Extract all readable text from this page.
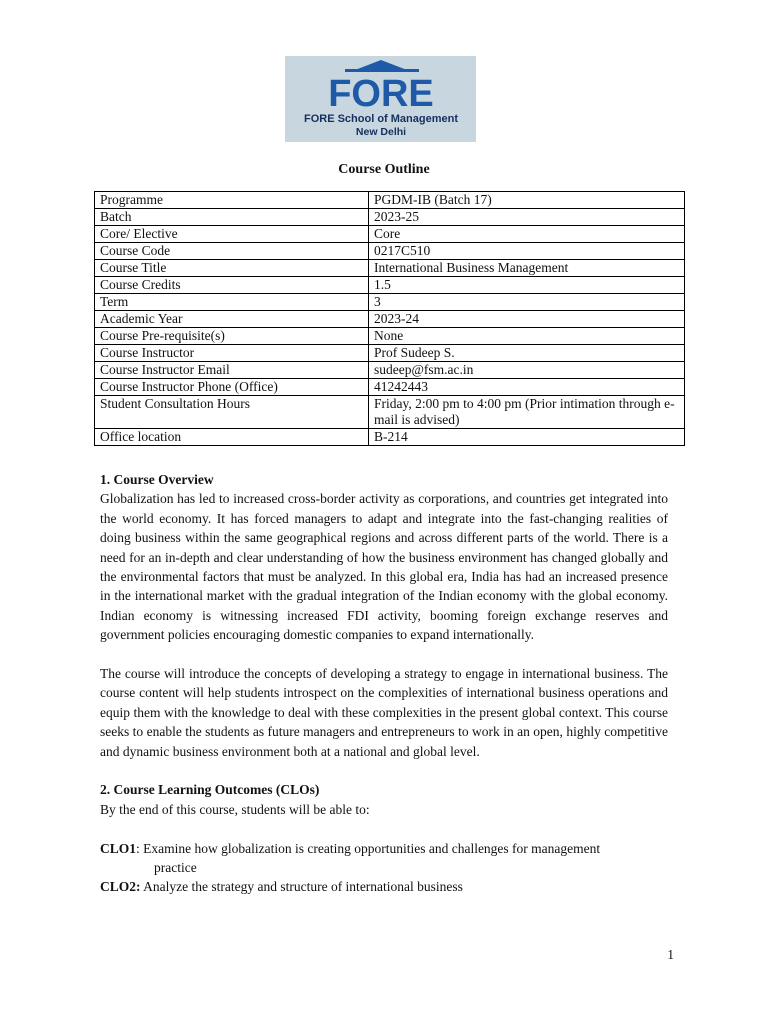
FORE
FORE School of Management
New Delhi
Course Outline
Programme	PGDM-IB (Batch 17)
Batch	2023-25
Core/ Elective	Core
Course Code	0217C510
Course Title	International Business Management
Course Credits	1.5
Term	3
Academic Year	2023-24
Course Pre-requisite(s)	None
Course Instructor	Prof Sudeep S.
Course Instructor Email	sudeep@fsm.ac.in
Course Instructor Phone (Office)	41242443
Student Consultation Hours	Friday, 2:00 pm to 4:00 pm (Prior intimation through e-mail is advised)
Office location	B-214
1. Course Overview

Globalization has led to increased cross-border activity as corporations, and countries get integrated into the world economy. It has forced managers to adapt and integrate into the fast-changing realities of doing business within the same geographical regions and across different parts of the world. There is a need for an in-depth and clear understanding of how the business environment has changed globally and the environmental factors that must be analyzed. In this global era, India has had an increased presence in the international market with the gradual integration of the Indian economy with the global economy. Indian economy is witnessing increased FDI activity, booming foreign exchange reserves and government policies encouraging domestic companies to expand internationally.

The course will introduce the concepts of developing a strategy to engage in international business. The course content will help students introspect on the complexities of international business operations and equip them with the knowledge to deal with these complexities in the present global context. This course seeks to enable the students as future managers and entrepreneurs to work in an open, highly competitive and dynamic business environment both at a national and global level.

2. Course Learning Outcomes (CLOs)

By the end of this course, students will be able to:

CLO1: Examine how globalization is creating opportunities and challenges for management
practice

CLO2: Analyze the strategy and structure of international business

1
